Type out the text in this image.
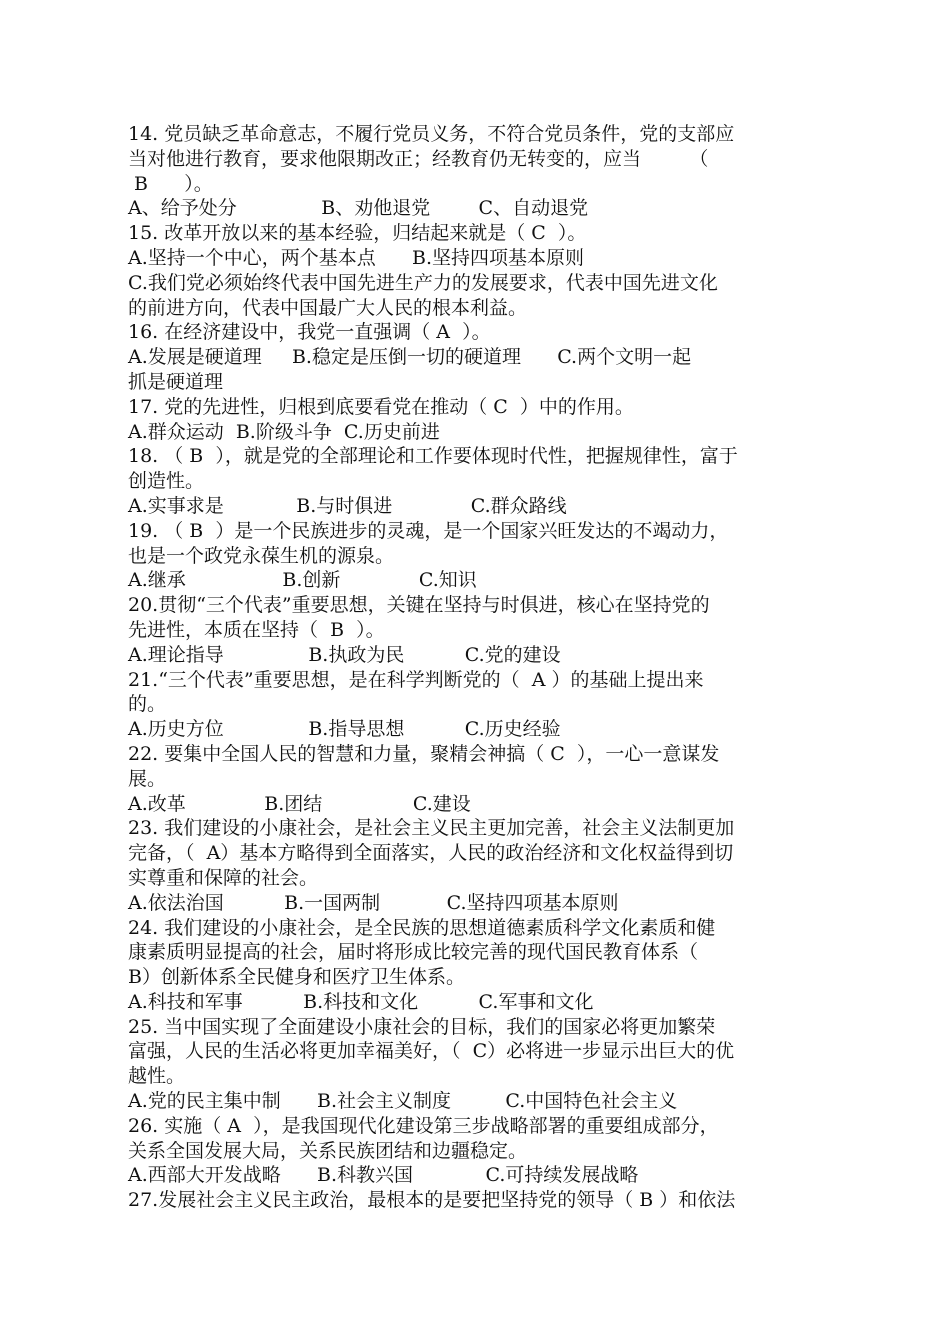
14. 党员缺乏革命意志，不履行党员义务，不符合党员条件，党的支部应
当对他进行教育，要求他限期改正；经教育仍无转变的，应当        （
B      ）。
A、给予处分              B、劝他退党        C、自动退党
15. 改革开放以来的基本经验，归结起来就是（ C  ）。
A.坚持一个中心，两个基本点      B.坚持四项基本原则
C.我们党必须始终代表中国先进生产力的发展要求，代表中国先进文化
的前进方向，代表中国最广大人民的根本利益。
16. 在经济建设中，我党一直强调（ A  ）。
A.发展是硬道理     B.稳定是压倒一切的硬道理      C.两个文明一起
抓是硬道理
17. 党的先进性，归根到底要看党在推动（ C  ）中的作用。
A.群众运动  B.阶级斗争  C.历史前进
18. （ B  ），就是党的全部理论和工作要体现时代性，把握规律性，富于
创造性。
A.实事求是            B.与时俱进             C.群众路线
19. （ B  ）是一个民族进步的灵魂，是一个国家兴旺发达的不竭动力，
也是一个政党永葆生机的源泉。
A.继承                B.创新             C.知识
20.贯彻“三个代表”重要思想，关键在坚持与时俱进，核心在坚持党的
先进性，本质在坚持（  B  ）。
A.理论指导              B.执政为民          C.党的建设
21.“三个代表”重要思想，是在科学判断党的（  A ）的基础上提出来
的。
A.历史方位              B.指导思想          C.历史经验
22. 要集中全国人民的智慧和力量，聚精会神搞（ C  ），一心一意谋发
展。
A.改革             B.团结               C.建设
23. 我们建设的小康社会，是社会主义民主更加完善，社会主义法制更加
完备，（  A）基本方略得到全面落实，人民的政治经济和文化权益得到切
实尊重和保障的社会。
A.依法治国          B.一国两制           C.坚持四项基本原则
24. 我们建设的小康社会，是全民族的思想道德素质科学文化素质和健
康素质明显提高的社会，届时将形成比较完善的现代国民教育体系（
B）创新体系全民健身和医疗卫生体系。
A.科技和军事          B.科技和文化          C.军事和文化
25. 当中国实现了全面建设小康社会的目标，我们的国家必将更加繁荣
富强，人民的生活必将更加幸福美好，（  C）必将进一步显示出巨大的优
越性。
A.党的民主集中制      B.社会主义制度         C.中国特色社会主义
26. 实施（ A  ），是我国现代化建设第三步战略部署的重要组成部分，
关系全国发展大局，关系民族团结和边疆稳定。
A.西部大开发战略      B.科教兴国            C.可持续发展战略
27.发展社会主义民主政治，最根本的是要把坚持党的领导（ B ）和依法
